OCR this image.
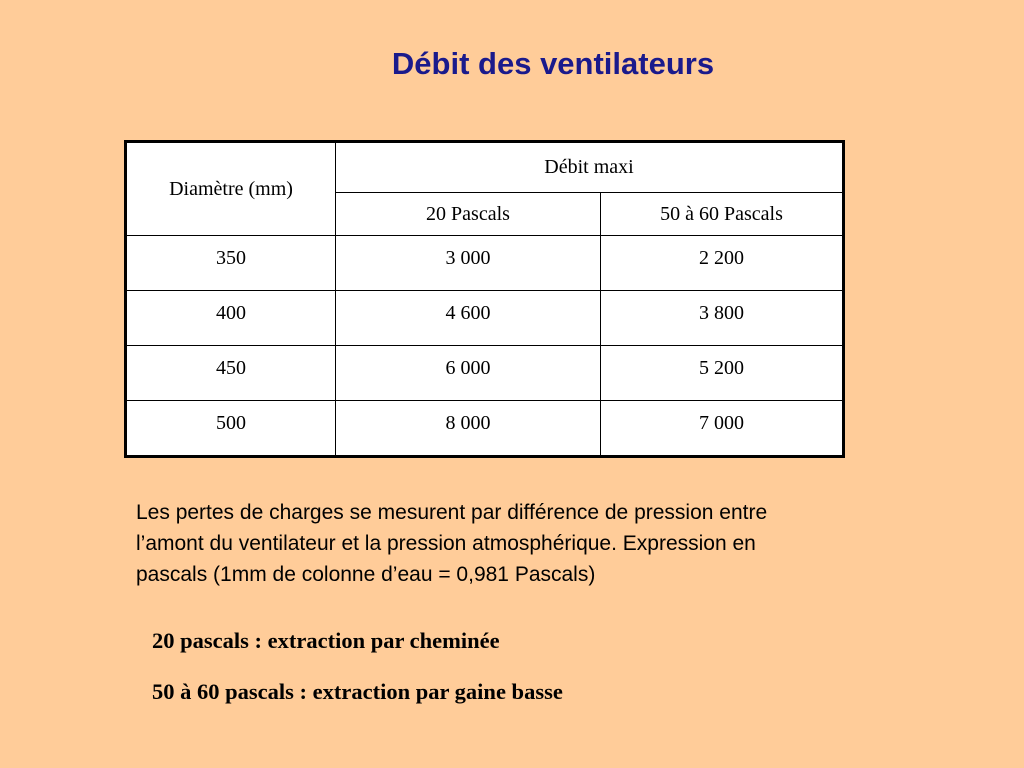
Débit des ventilateurs
Diamètre (mm)	Débit maxi	
	20 Pascals	50 à 60 Pascals
350	3 000	2 200
400	4 600	3 800
450	6 000	5 200
500	8 000	7 000

Les pertes de charges se mesurent par différence de pression entre l’amont du ventilateur et la pression atmosphérique. Expression en pascals (1mm de colonne d’eau = 0,981 Pascals)

20 pascals : extraction par cheminée

50 à 60 pascals : extraction par gaine basse
